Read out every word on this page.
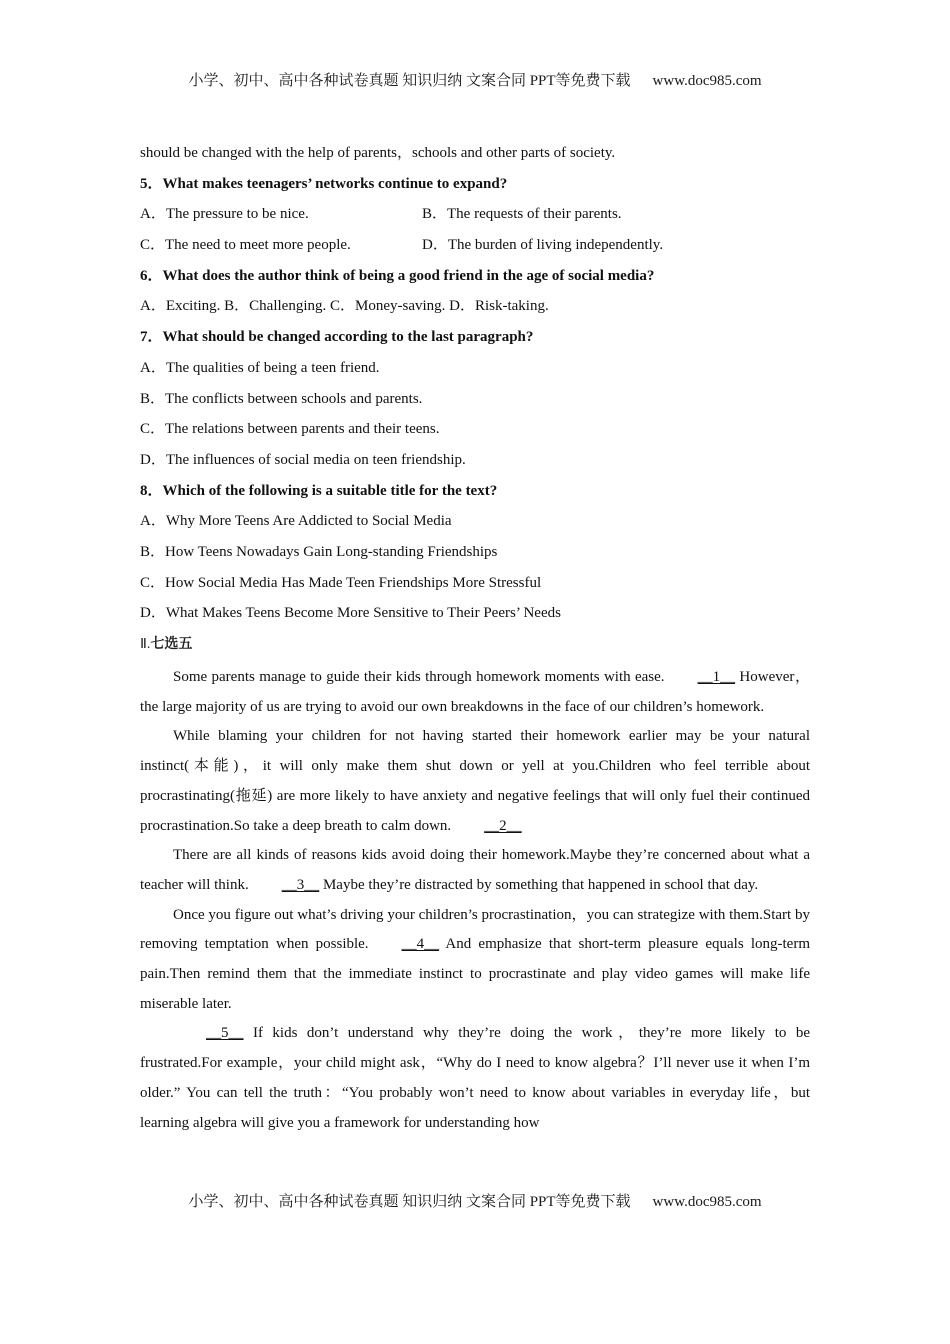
小学、初中、高中各种试卷真题 知识归纳 文案合同 PPT等免费下载 www.doc985.com
should be changed with the help of parents，schools and other parts of society.
5．What makes teenagers’ networks continue to expand?
A．The pressure to be nice.	B．The requests of their parents.
C．The need to meet more people.	D．The burden of living independently.
6．What does the author think of being a good friend in the age of social media?
A．Exciting. B．Challenging. C．Money-saving. D．Risk-taking.
7．What should be changed according to the last paragraph?
A．The qualities of being a teen friend.
B．The conflicts between schools and parents.
C．The relations between parents and their teens.
D．The influences of social media on teen friendship.
8．Which of the following is a suitable title for the text?
A．Why More Teens Are Addicted to Social Media
B．How Teens Nowadays Gain Long-standing Friendships
C．How Social Media Has Made Teen Friendships More Stressful
D．What Makes Teens Become More Sensitive to Their Peers’ Needs
Ⅱ.七选五

Some parents manage to guide their kids through homework moments with ease. __1__ However，the large majority of us are trying to avoid our own breakdowns in the face of our children’s homework.

While blaming your children for not having started their homework earlier may be your natural instinct(本能)，it will only make them shut down or yell at you.Children who feel terrible about procrastinating(拖延) are more likely to have anxiety and negative feelings that will only fuel their continued procrastination.So take a deep breath to calm down. __2__

There are all kinds of reasons kids avoid doing their homework.Maybe they’re concerned about what a teacher will think. __3__ Maybe they’re distracted by something that happened in school that day.

Once you figure out what’s driving your children’s procrastination，you can strategize with them.Start by removing temptation when possible. __4__ And emphasize that short-term pleasure equals long-term pain.Then remind them that the immediate instinct to procrastinate and play video games will make life miserable later.

__5__ If kids don’t understand why they’re doing the work，they’re more likely to be frustrated.For example，your child might ask，“Why do I need to know algebra？I’ll never use it when I’m older.” You can tell the truth：“You probably won’t need to know about variables in everyday life，but learning algebra will give you a framework for understanding how

小学、初中、高中各种试卷真题 知识归纳 文案合同 PPT等免费下载 www.doc985.com
